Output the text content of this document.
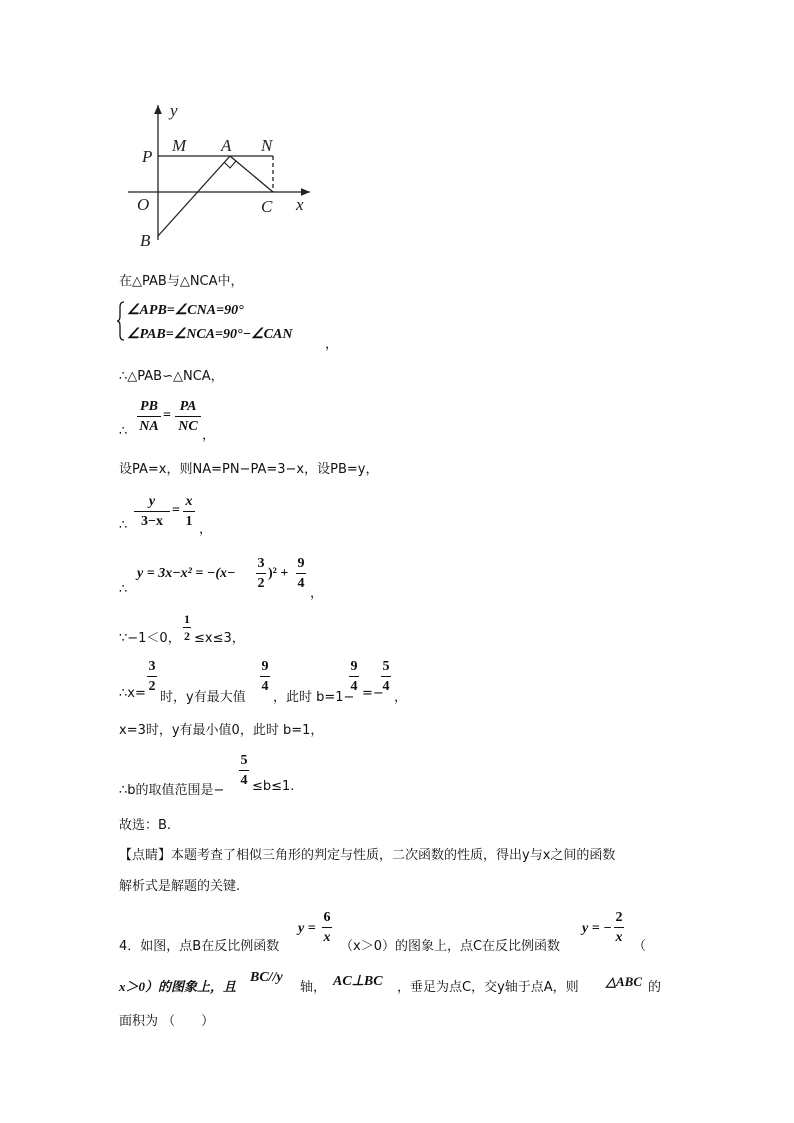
y
P
M A N
O	C x
B
在△PAB与△NCA中，
∠APB=∠CNA=90°
∠PAB=∠NCA=90°−∠CAN
，
∴△PAB∽△NCA，
∴
PB
NA
=
PA
NC
，
设PA=x，则NA=PN−PA=3−x，设PB=y，
∴
y
3−x
=
x
1
，
∴
y = 3x−x² = −(x−
3
2
)² +
9
4
，
∵−1＜0，
1
2 ≤x≤3，
∴x=
3
2
时，y有最大值
9
4
，此时 b=1−
9
4 =−
5
4
，
x=3时，y有最小值0，此时 b=1，
∴b的取值范围是−
5
4 ≤b≤1.
故选：B.
【点睛】本题考查了相似三角形的判定与性质，二次函数的性质，得出y与x之间的函数
解析式是解题的关键.
4．如图，点B在反比例函数
y =
6
x
（x＞0）的图象上，点C在反比例函数
y = −
2
x
（
x＞0）的图象上，且
BC//y
轴， AC⊥BC ，垂足为点C，交y轴于点A，则 △ABC 的
面积为 （　　）
